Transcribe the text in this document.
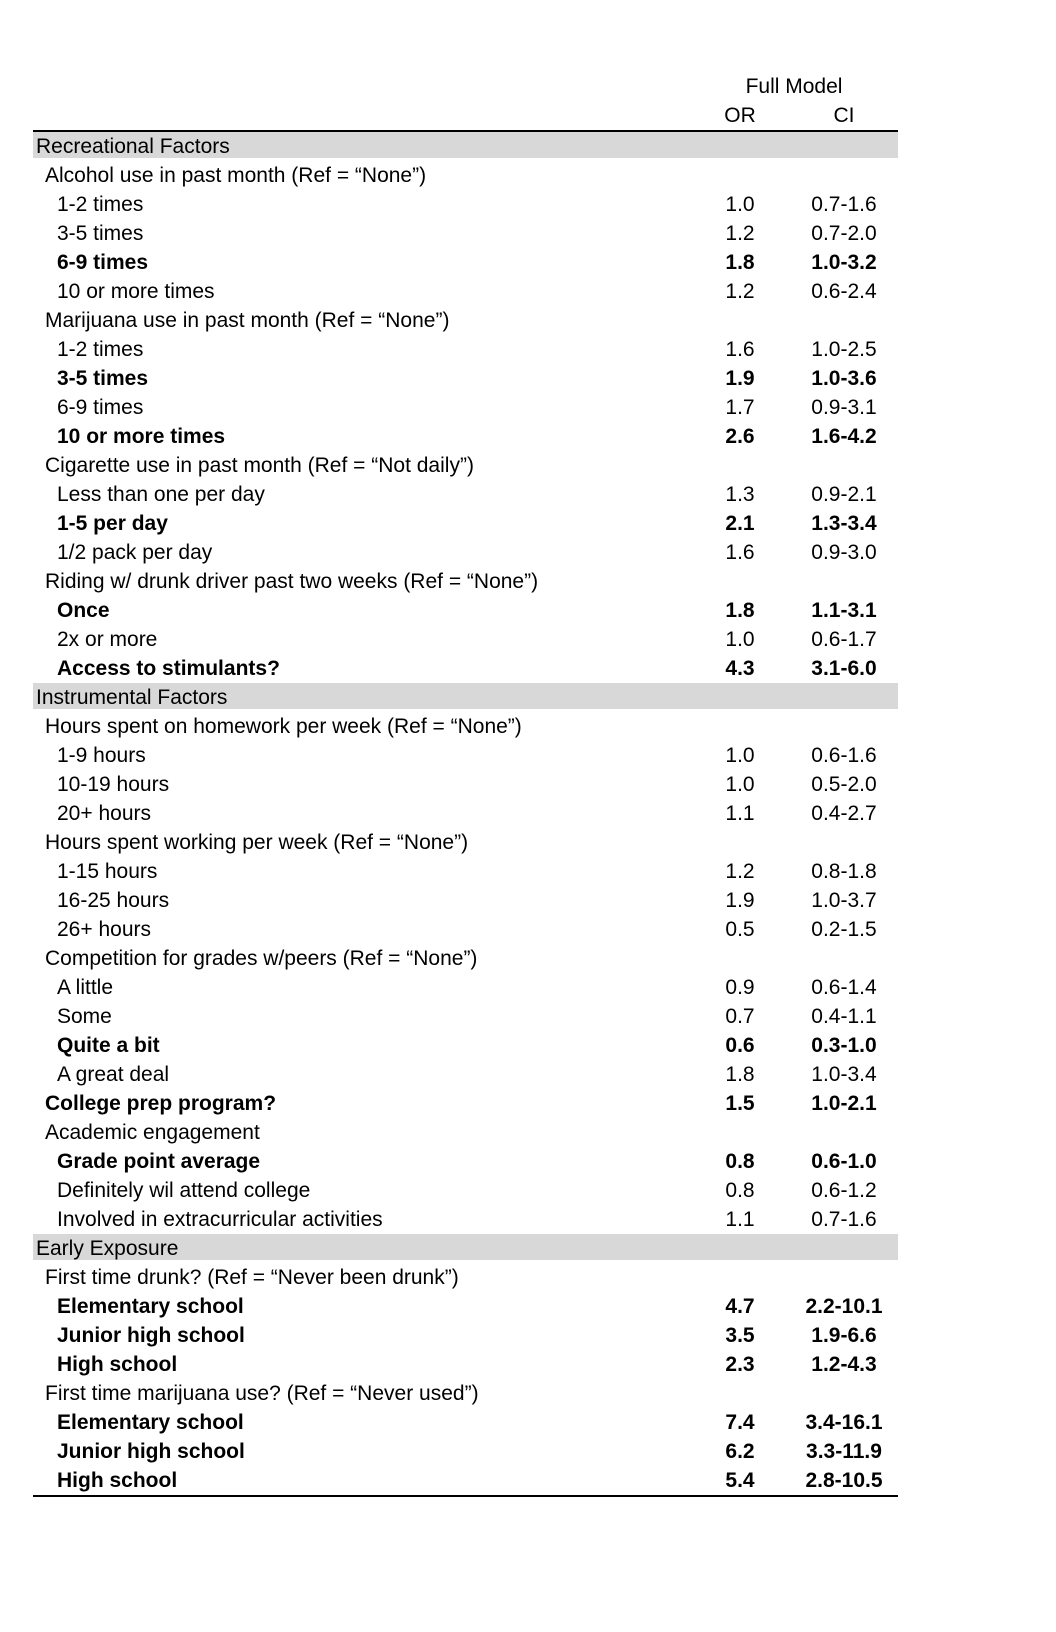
Full Model
OR	CI
Recreational Factors
Alcohol use in past month (Ref = “None”)
1-2 times	1.0	0.7-1.6
3-5 times	1.2	0.7-2.0
6-9 times	1.8	1.0-3.2
10 or more times	1.2	0.6-2.4
Marijuana use in past month (Ref = “None”)
1-2 times	1.6	1.0-2.5
3-5 times	1.9	1.0-3.6
6-9 times	1.7	0.9-3.1
10 or more times	2.6	1.6-4.2
Cigarette use in past month (Ref = “Not daily”)
Less than one per day	1.3	0.9-2.1
1-5 per day	2.1	1.3-3.4
1/2 pack per day	1.6	0.9-3.0
Riding w/ drunk driver past two weeks (Ref = “None”)
Once	1.8	1.1-3.1
2x or more	1.0	0.6-1.7
Access to stimulants?	4.3	3.1-6.0
Instrumental Factors
Hours spent on homework per week (Ref = “None”)
1-9 hours	1.0	0.6-1.6
10-19 hours	1.0	0.5-2.0
20+ hours	1.1	0.4-2.7
Hours spent working per week (Ref = “None”)
1-15 hours	1.2	0.8-1.8
16-25 hours	1.9	1.0-3.7
26+ hours	0.5	0.2-1.5
Competition for grades w/peers (Ref = “None”)
A little	0.9	0.6-1.4
Some	0.7	0.4-1.1
Quite a bit	0.6	0.3-1.0
A great deal	1.8	1.0-3.4
College prep program?	1.5	1.0-2.1
Academic engagement
Grade point average	0.8	0.6-1.0
Definitely wil attend college	0.8	0.6-1.2
Involved in extracurricular activities	1.1	0.7-1.6
Early Exposure
First time drunk? (Ref = “Never been drunk”)
Elementary school	4.7	2.2-10.1
Junior high school	3.5	1.9-6.6
High school	2.3	1.2-4.3
First time marijuana use? (Ref = “Never used”)
Elementary school	7.4	3.4-16.1
Junior high school	6.2	3.3-11.9
High school	5.4	2.8-10.5
